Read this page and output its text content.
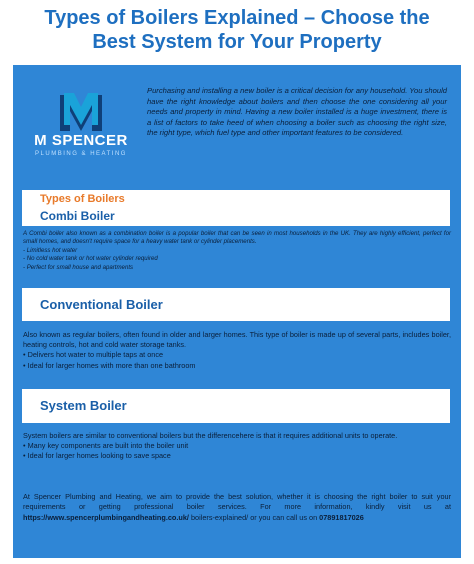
Types of Boilers Explained – Choose the
Best System for Your Property
M SPENCER
PLUMBING & HEATING
Purchasing and installing a new boiler is a critical decision for any household. You should have the right knowledge about boilers and then choose the one considering all your needs and property in mind. Having a new boiler installed is a huge investment, there is a list of factors to take heed of when choosing a boiler such as choosing the right size, the right type, which fuel type and other important features to be considered.
Types of Boilers
Combi Boiler

A Combi boiler also known as a combination boiler is a popular boiler that can be seen in most households in the UK. They are highly efficient, perfect for small homes, and doesn't require space for a heavy water tank or cylinder placements.

- Limitless hot water
- No cold water tank or hot water cylinder required
- Perfect for small house and apartments
Conventional Boiler

Also known as regular boilers, often found in older and larger homes. This type of boiler is made up of several parts, includes boiler, heating controls, hot and cold water storage tanks.

• Delivers hot water to multiple taps at once
• Ideal for larger homes with more than one bathroom
System Boiler

System boilers are similar to conventional boilers but the differencehere is that it requires additional units to operate.

• Many key components are built into the boiler unit
• Ideal for larger homes looking to save space
At Spencer Plumbing and Heating, we aim to provide the best solution, whether it is choosing the right boiler to suit your requirements or getting professional boiler services. For more information, kindly visit us at https://www.spencerplumbingandheating.co.uk/ boilers-explained/ or you can call us on 07891817026
